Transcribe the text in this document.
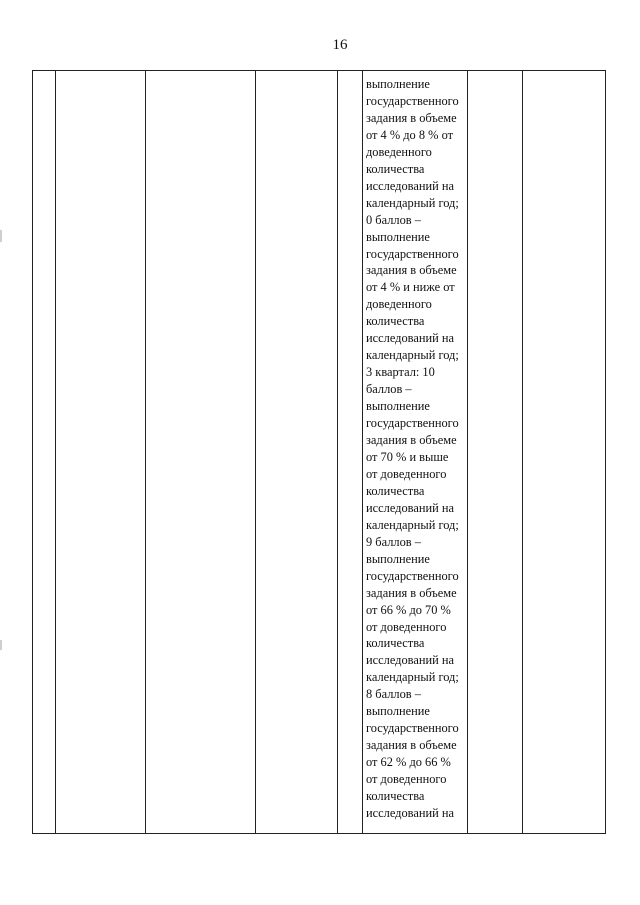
16
выполнение
государственного
задания в объеме
от 4 % до 8 % от
доведенного
количества
исследований на
календарный год;
0 баллов –
выполнение
государственного
задания в объеме
от 4 % и ниже от
доведенного
количества
исследований на
календарный год;
3 квартал: 10
баллов –
выполнение
государственного
задания в объеме
от 70 % и выше
от доведенного
количества
исследований на
календарный год;
9 баллов –
выполнение
государственного
задания в объеме
от 66 % до 70 %
от доведенного
количества
исследований на
календарный год;
8 баллов –
выполнение
государственного
задания в объеме
от 62 % до 66 %
от доведенного
количества
исследований на
